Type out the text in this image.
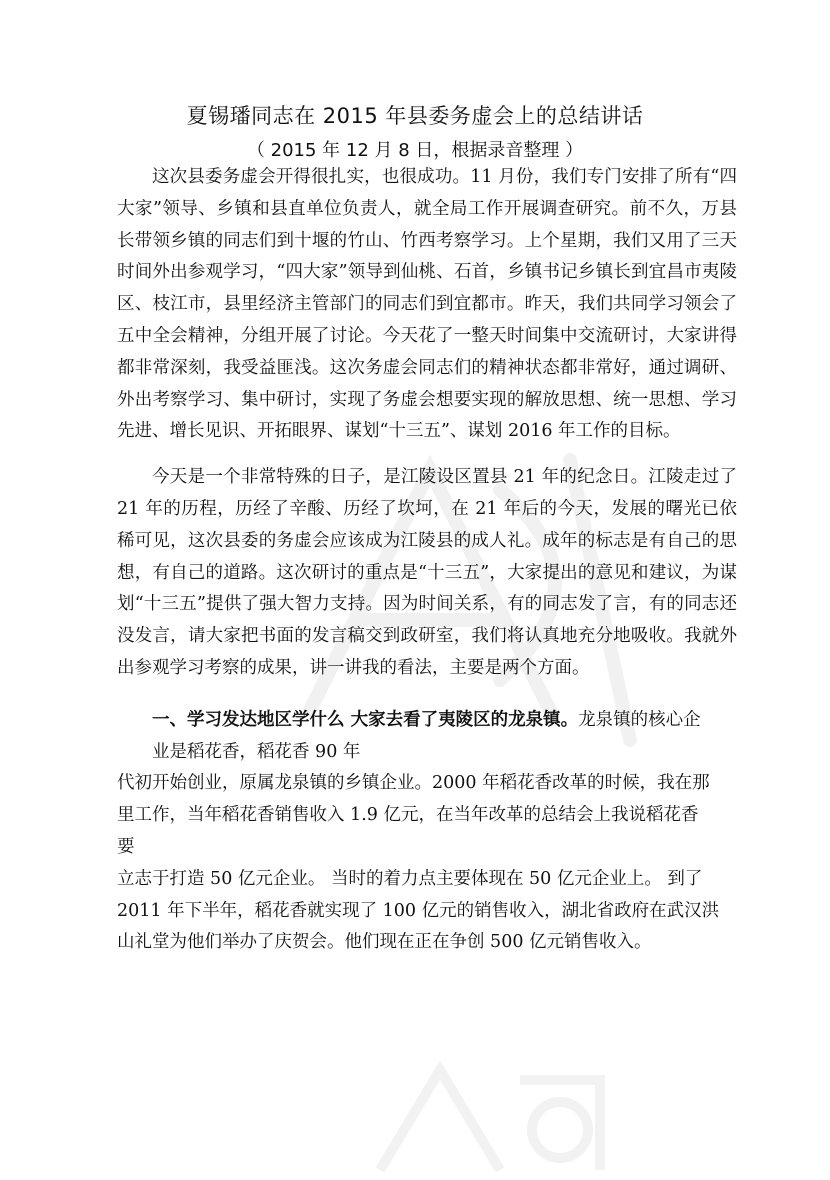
夏锡璠同志在 2015 年县委务虚会上的总结讲话

（ 2015 年 12 月 8 日，根据录音整理 ）

这次县委务虚会开得很扎实，也很成功。11 月份，我们专门安排了所有“四大家”领导、乡镇和县直单位负责人，就全局工作开展调查研究。前不久，万县长带领乡镇的同志们到十堰的竹山、竹西考察学习。上个星期，我们又用了三天时间外出参观学习，“四大家”领导到仙桃、石首，乡镇书记乡镇长到宜昌市夷陵区、枝江市，县里经济主管部门的同志们到宜都市。昨天，我们共同学习领会了五中全会精神，分组开展了讨论。今天花了一整天时间集中交流研讨，大家讲得都非常深刻，我受益匪浅。这次务虚会同志们的精神状态都非常好，通过调研、外出考察学习、集中研讨，实现了务虚会想要实现的解放思想、统一思想、学习先进、增长见识、开拓眼界、谋划“十三五”、谋划 2016 年工作的目标。

今天是一个非常特殊的日子，是江陵设区置县 21 年的纪念日。江陵走过了 21 年的历程，历经了辛酸、历经了坎坷，在 21 年后的今天，发展的曙光已依稀可见，这次县委的务虚会应该成为江陵县的成人礼。成年的标志是有自己的思想，有自己的道路。这次研讨的重点是“十三五”，大家提出的意见和建议，为谋划“十三五”提供了强大智力支持。因为时间关系，有的同志发了言，有的同志还没发言，请大家把书面的发言稿交到政研室，我们将认真地充分地吸收。我就外出参观学习考察的成果，讲一讲我的看法，主要是两个方面。

一、学习发达地区学什么 大家去看了夷陵区的龙泉镇。龙泉镇的核心企

业是稻花香，稻花香 90 年

代初开始创业，原属龙泉镇的乡镇企业。2000 年稻花香改革的时候，我在那

里工作，当年稻花香销售收入 1.9 亿元，在当年改革的总结会上我说稻花香

要

立志于打造 50 亿元企业。 当时的着力点主要体现在 50 亿元企业上。 到了

2011 年下半年，稻花香就实现了 100 亿元的销售收入，湖北省政府在武汉洪

山礼堂为他们举办了庆贺会。他们现在正在争创 500 亿元销售收入。
